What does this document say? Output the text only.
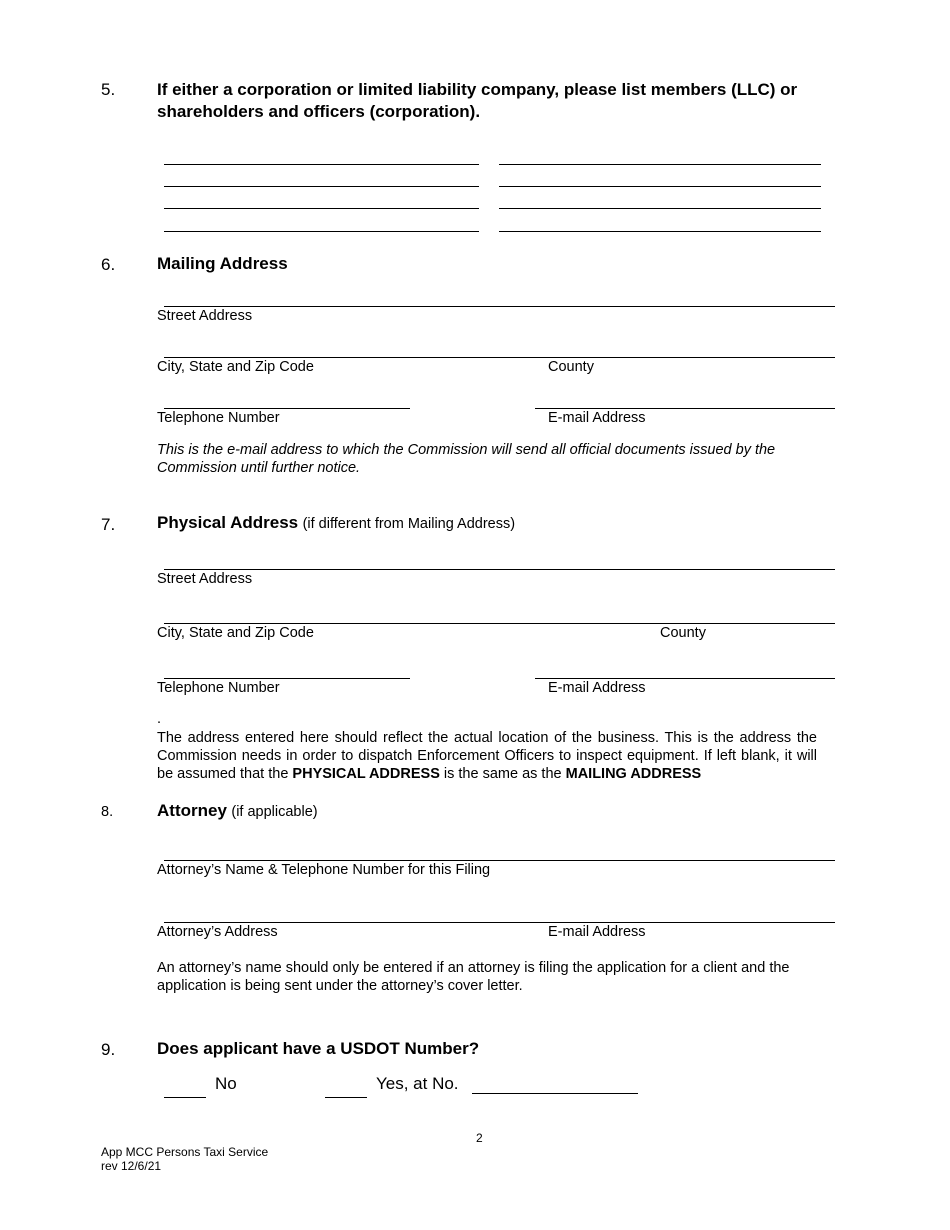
5. If either a corporation or limited liability company, please list members (LLC) or shareholders and officers (corporation).
6. Mailing Address
Street Address
City, State and Zip Code	County
Telephone Number	E-mail Address
This is the e-mail address to which the Commission will send all official documents issued by the Commission until further notice.
7. Physical Address (if different from Mailing Address)
Street Address
City, State and Zip Code	County
Telephone Number	E-mail Address
.
The address entered here should reflect the actual location of the business. This is the address the Commission needs in order to dispatch Enforcement Officers to inspect equipment. If left blank, it will be assumed that the PHYSICAL ADDRESS is the same as the MAILING ADDRESS
8.	Attorney (if applicable)
Attorney’s Name & Telephone Number for this Filing
Attorney’s Address	E-mail Address
An attorney’s name should only be entered if an attorney is filing the application for a client and the application is being sent under the attorney’s cover letter.
9. Does applicant have a USDOT Number?
No	Yes, at No.
2
App MCC Persons Taxi Service
rev 12/6/21
